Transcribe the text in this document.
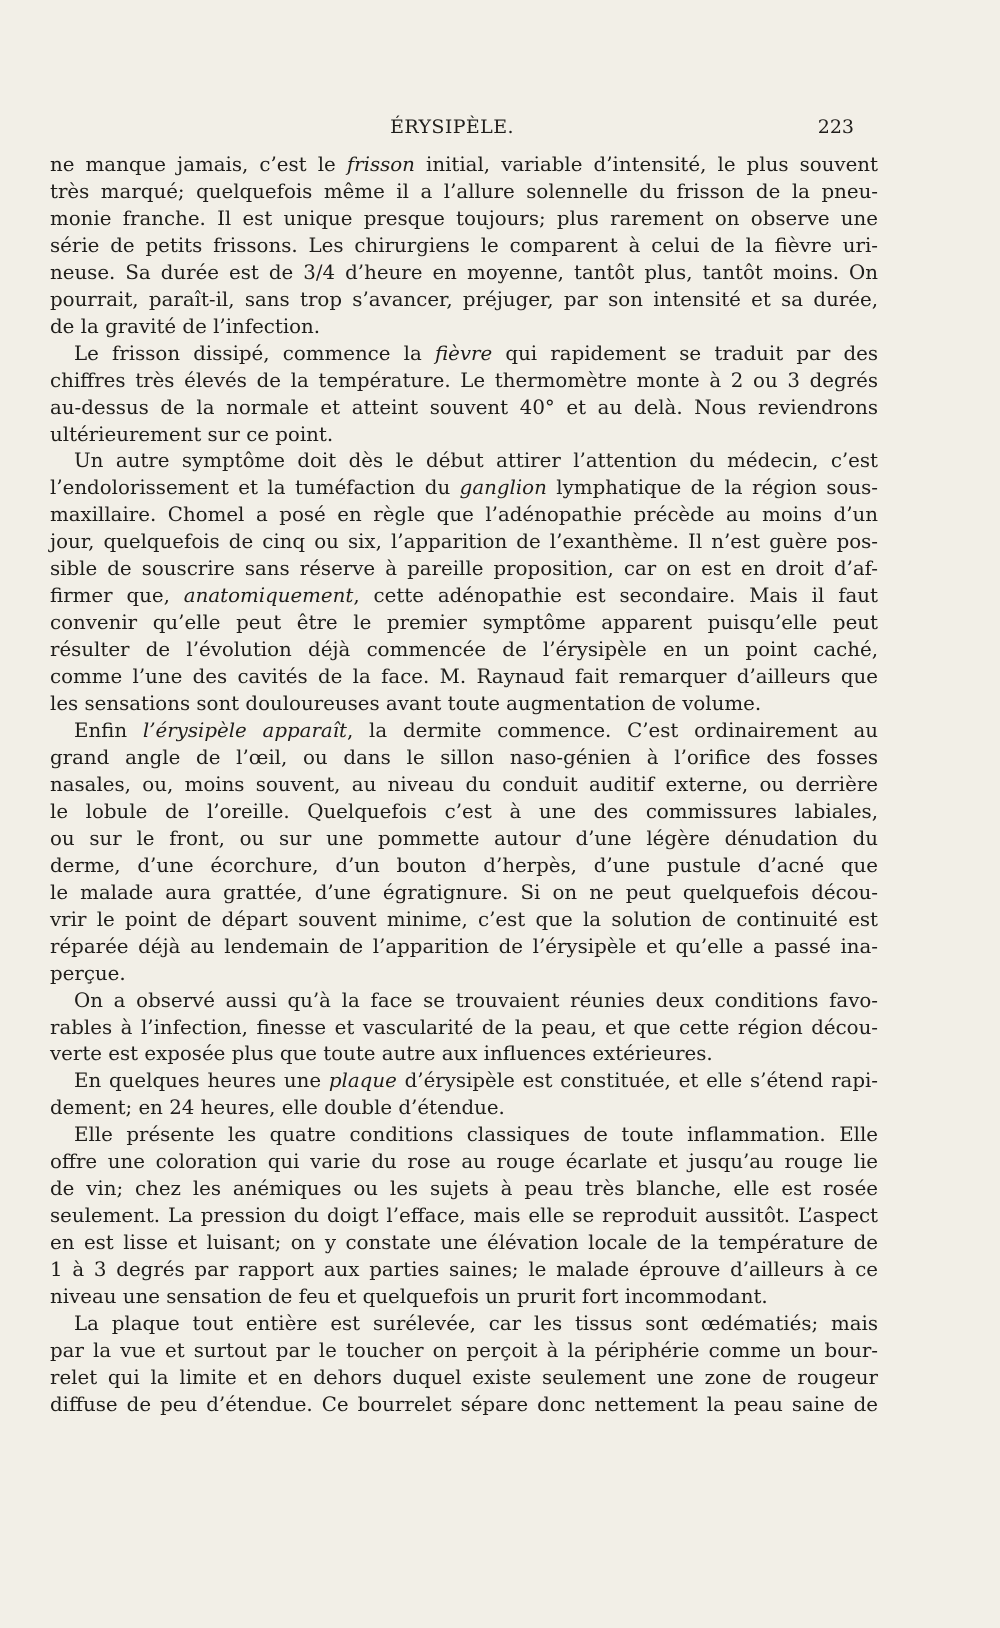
ÉRYSIPÈLE.	223
ne manque jamais, c’est le frisson initial, variable d’intensité, le plus souvent
très marqué; quelquefois même il a l’allure solennelle du frisson de la pneu-
monie franche. Il est unique presque toujours; plus rarement on observe une
série de petits frissons. Les chirurgiens le comparent à celui de la fièvre uri-
neuse. Sa durée est de 3/4 d’heure en moyenne, tantôt plus, tantôt moins. On
pourrait, paraît-il, sans trop s’avancer, préjuger, par son intensité et sa durée,
de la gravité de l’infection.
Le frisson dissipé, commence la fièvre qui rapidement se traduit par des
chiffres très élevés de la température. Le thermomètre monte à 2 ou 3 degrés
au-dessus de la normale et atteint souvent 40° et au delà. Nous reviendrons
ultérieurement sur ce point.
Un autre symptôme doit dès le début attirer l’attention du médecin, c’est
l’endolorissement et la tuméfaction du ganglion lymphatique de la région sous-
maxillaire. Chomel a posé en règle que l’adénopathie précède au moins d’un
jour, quelquefois de cinq ou six, l’apparition de l’exanthème. Il n’est guère pos-
sible de souscrire sans réserve à pareille proposition, car on est en droit d’af-
firmer que, anatomiquement, cette adénopathie est secondaire. Mais il faut
convenir qu’elle peut être le premier symptôme apparent puisqu’elle peut
résulter de l’évolution déjà commencée de l’érysipèle en un point caché,
comme l’une des cavités de la face. M. Raynaud fait remarquer d’ailleurs que
les sensations sont douloureuses avant toute augmentation de volume.
Enfin l’érysipèle apparaît, la dermite commence. C’est ordinairement au
grand angle de l’œil, ou dans le sillon naso-génien à l’orifice des fosses
nasales, ou, moins souvent, au niveau du conduit auditif externe, ou derrière
le lobule de l’oreille. Quelquefois c’est à une des commissures labiales,
ou sur le front, ou sur une pommette autour d’une légère dénudation du
derme, d’une écorchure, d’un bouton d’herpès, d’une pustule d’acné que
le malade aura grattée, d’une égratignure. Si on ne peut quelquefois décou-
vrir le point de départ souvent minime, c’est que la solution de continuité est
réparée déjà au lendemain de l’apparition de l’érysipèle et qu’elle a passé ina-
perçue.
On a observé aussi qu’à la face se trouvaient réunies deux conditions favo-
rables à l’infection, finesse et vascularité de la peau, et que cette région décou-
verte est exposée plus que toute autre aux influences extérieures.
En quelques heures une plaque d’érysipèle est constituée, et elle s’étend rapi-
dement; en 24 heures, elle double d’étendue.
Elle présente les quatre conditions classiques de toute inflammation. Elle
offre une coloration qui varie du rose au rouge écarlate et jusqu’au rouge lie
de vin; chez les anémiques ou les sujets à peau très blanche, elle est rosée
seulement. La pression du doigt l’efface, mais elle se reproduit aussitôt. L’aspect
en est lisse et luisant; on y constate une élévation locale de la température de
1 à 3 degrés par rapport aux parties saines; le malade éprouve d’ailleurs à ce
niveau une sensation de feu et quelquefois un prurit fort incommodant.
La plaque tout entière est surélevée, car les tissus sont œdématiés; mais
par la vue et surtout par le toucher on perçoit à la périphérie comme un bour-
relet qui la limite et en dehors duquel existe seulement une zone de rougeur
diffuse de peu d’étendue. Ce bourrelet sépare donc nettement la peau saine de
